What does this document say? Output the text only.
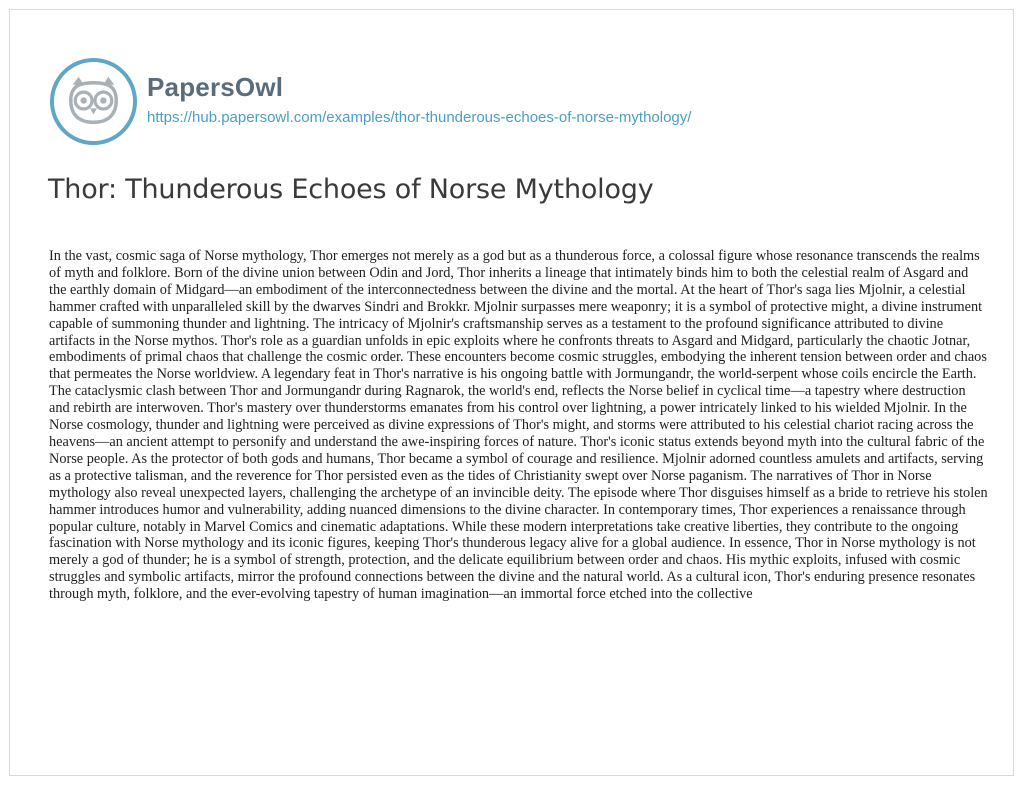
PapersOwl
https://hub.papersowl.com/examples/thor-thunderous-echoes-of-norse-mythology/
Thor: Thunderous Echoes of Norse Mythology

In the vast, cosmic saga of Norse mythology, Thor emerges not merely as a god but as a thunderous force, a colossal figure whose resonance transcends the realms of myth and folklore. Born of the divine union between Odin and Jord, Thor inherits a lineage that intimately binds him to both the celestial realm of Asgard and the earthly domain of Midgard—an embodiment of the interconnectedness between the divine and the mortal. At the heart of Thor's saga lies Mjolnir, a celestial hammer crafted with unparalleled skill by the dwarves Sindri and Brokkr. Mjolnir surpasses mere weaponry; it is a symbol of protective might, a divine instrument capable of summoning thunder and lightning. The intricacy of Mjolnir's craftsmanship serves as a testament to the profound significance attributed to divine artifacts in the Norse mythos. Thor's role as a guardian unfolds in epic exploits where he confronts threats to Asgard and Midgard, particularly the chaotic Jotnar, embodiments of primal chaos that challenge the cosmic order. These encounters become cosmic struggles, embodying the inherent tension between order and chaos that permeates the Norse worldview. A legendary feat in Thor's narrative is his ongoing battle with Jormungandr, the world-serpent whose coils encircle the Earth. The cataclysmic clash between Thor and Jormungandr during Ragnarok, the world's end, reflects the Norse belief in cyclical time—a tapestry where destruction and rebirth are interwoven. Thor's mastery over thunderstorms emanates from his control over lightning, a power intricately linked to his wielded Mjolnir. In the Norse cosmology, thunder and lightning were perceived as divine expressions of Thor's might, and storms were attributed to his celestial chariot racing across the heavens—an ancient attempt to personify and understand the awe-inspiring forces of nature. Thor's iconic status extends beyond myth into the cultural fabric of the Norse people. As the protector of both gods and humans, Thor became a symbol of courage and resilience. Mjolnir adorned countless amulets and artifacts, serving as a protective talisman, and the reverence for Thor persisted even as the tides of Christianity swept over Norse paganism. The narratives of Thor in Norse mythology also reveal unexpected layers, challenging the archetype of an invincible deity. The episode where Thor disguises himself as a bride to retrieve his stolen hammer introduces humor and vulnerability, adding nuanced dimensions to the divine character. In contemporary times, Thor experiences a renaissance through popular culture, notably in Marvel Comics and cinematic adaptations. While these modern interpretations take creative liberties, they contribute to the ongoing fascination with Norse mythology and its iconic figures, keeping Thor's thunderous legacy alive for a global audience. In essence, Thor in Norse mythology is not merely a god of thunder; he is a symbol of strength, protection, and the delicate equilibrium between order and chaos. His mythic exploits, infused with cosmic struggles and symbolic artifacts, mirror the profound connections between the divine and the natural world. As a cultural icon, Thor's enduring presence resonates through myth, folklore, and the ever-evolving tapestry of human imagination—an immortal force etched into the collective
